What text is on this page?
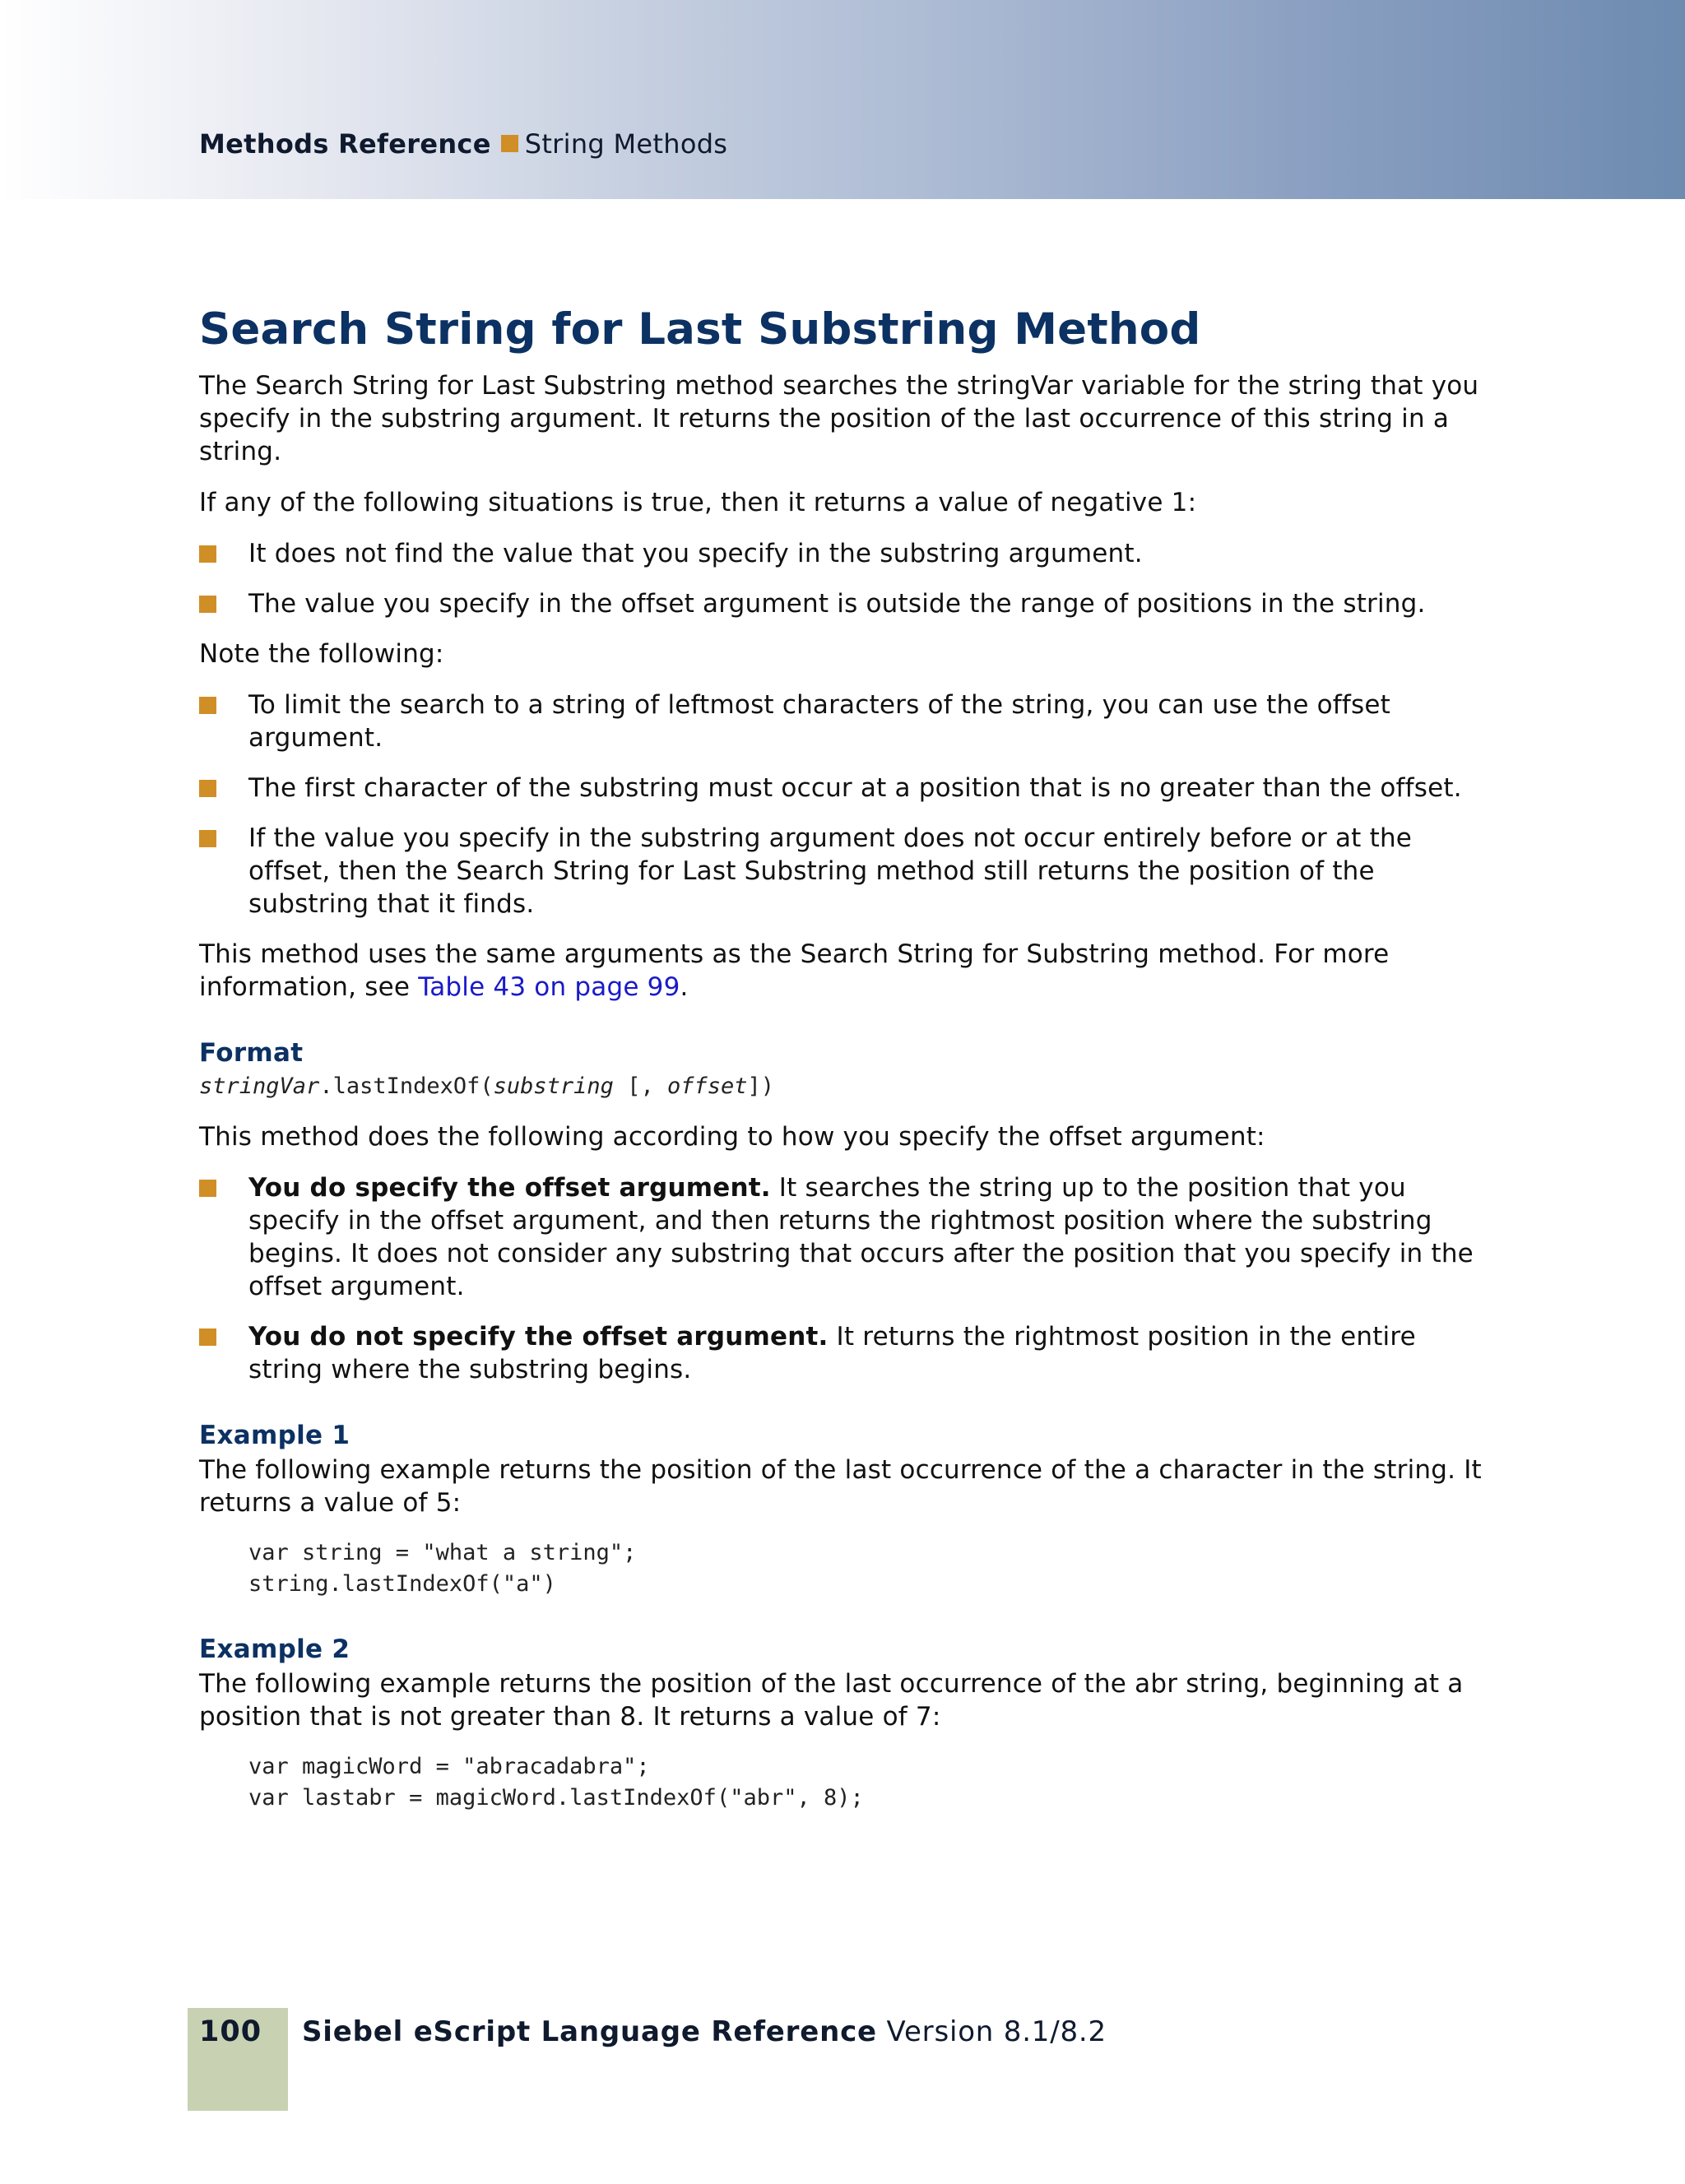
Methods Reference String Methods
Search String for Last Substring Method

The Search String for Last Substring method searches the stringVar variable for the string that you specify in the substring argument. It returns the position of the last occurrence of this string in a string.

If any of the following situations is true, then it returns a value of negative 1:

It does not find the value that you specify in the substring argument.
The value you specify in the offset argument is outside the range of positions in the string.

Note the following:

To limit the search to a string of leftmost characters of the string, you can use the offset argument.
The first character of the substring must occur at a position that is no greater than the offset.
If the value you specify in the substring argument does not occur entirely before or at the offset, then the Search String for Last Substring method still returns the position of the substring that it finds.

This method uses the same arguments as the Search String for Substring method. For more information, see Table 43 on page 99.

Format
stringVar.lastIndexOf(substring [, offset])

This method does the following according to how you specify the offset argument:

You do specify the offset argument. It searches the string up to the position that you specify in the offset argument, and then returns the rightmost position where the substring begins. It does not consider any substring that occurs after the position that you specify in the offset argument.
You do not specify the offset argument. It returns the rightmost position in the entire string where the substring begins.
Example 1

The following example returns the position of the last occurrence of the a character in the string. It returns a value of 5:

var string = "what a string";
string.lastIndexOf("a")
Example 2

The following example returns the position of the last occurrence of the abr string, beginning at a position that is not greater than 8. It returns a value of 7:

var magicWord = "abracadabra";
var lastabr = magicWord.lastIndexOf("abr", 8);
100 Siebel eScript Language Reference Version 8.1/8.2
